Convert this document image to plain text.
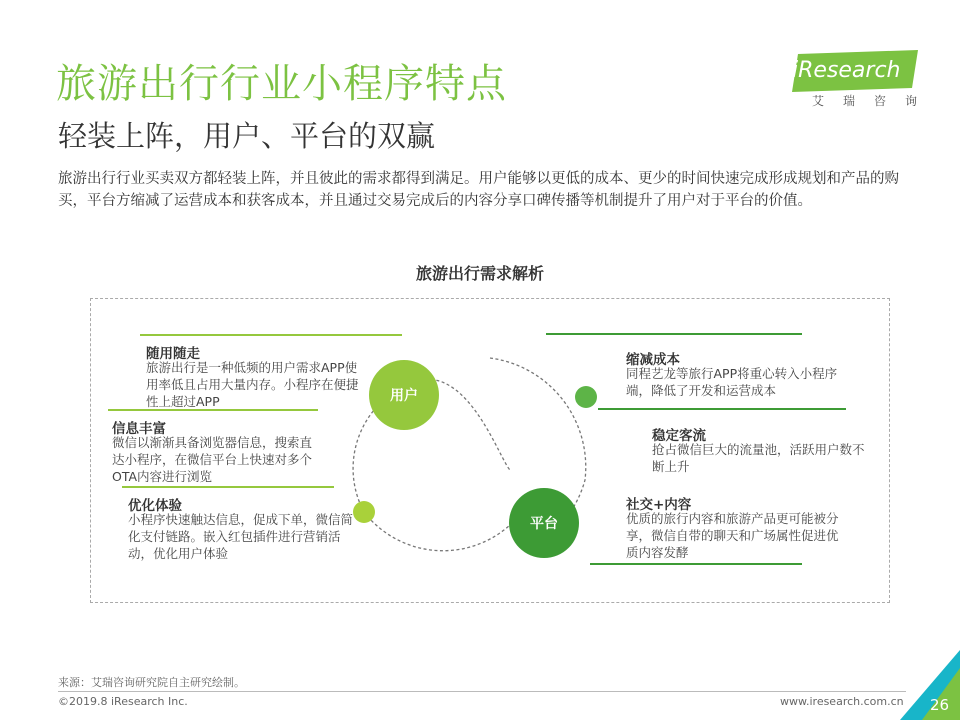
旅游出行行业小程序特点
轻装上阵，用户、平台的双赢
旅游出行行业买卖双方都轻装上阵，并且彼此的需求都得到满足。用户能够以更低的成本、更少的时间快速完成形成规划和产品的购买，平台方缩减了运营成本和获客成本，并且通过交易完成后的内容分享口碑传播等机制提升了用户对于平台的价值。
iResearch
艾瑞咨询
旅游出行需求解析
用户
平台
随用随走
旅游出行是一种低频的用户需求APP使用率低且占用大量内存。小程序在便捷性上超过APP
信息丰富
微信以渐渐具备浏览器信息，搜索直达小程序，在微信平台上快速对多个OTA内容进行浏览
优化体验
小程序快速触达信息，促成下单，微信简化支付链路。嵌入红包插件进行营销活动，优化用户体验
缩减成本
同程艺龙等旅行APP将重心转入小程序端，降低了开发和运营成本
稳定客流
抢占微信巨大的流量池，活跃用户数不断上升
社交+内容
优质的旅行内容和旅游产品更可能被分享，微信自带的聊天和广场属性促进优质内容发酵
来源：艾瑞咨询研究院自主研究绘制。
©2019.8 iResearch Inc.	www.iresearch.com.cn 26
